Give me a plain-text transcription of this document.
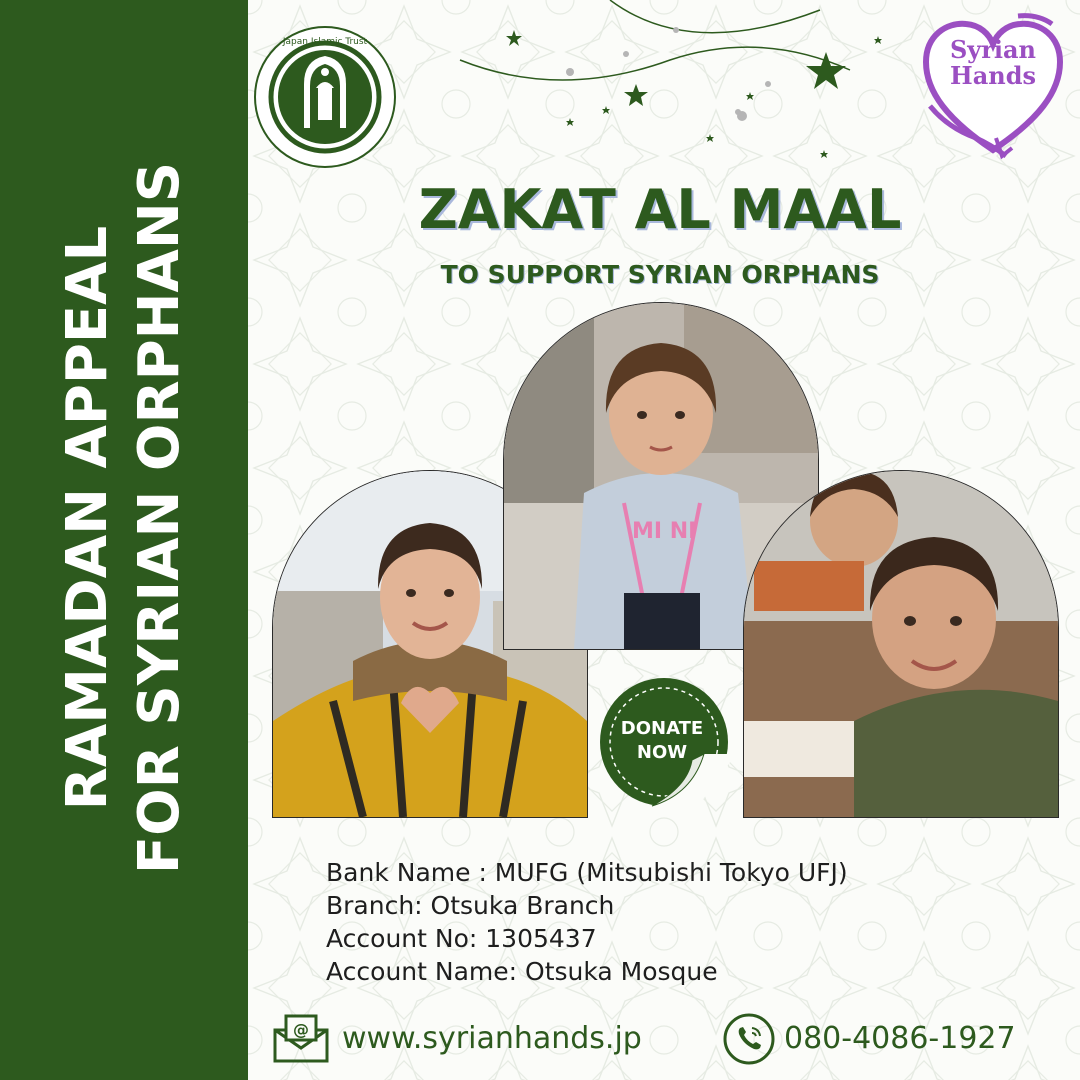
RAMADAN APPEAL FOR SYRIAN ORPHANS
Japan Islamic Trust	Syrian
Hands
ZAKAT AL MAAL
TO SUPPORT SYRIAN ORPHANS
MI NI
DONATE
NOW
Bank Name : MUFG (Mitsubishi Tokyo UFJ)
Branch: Otsuka Branch
Account No: 1305437
Account Name: Otsuka Mosque
@ www.syrianhands.jp	080-4086-1927
